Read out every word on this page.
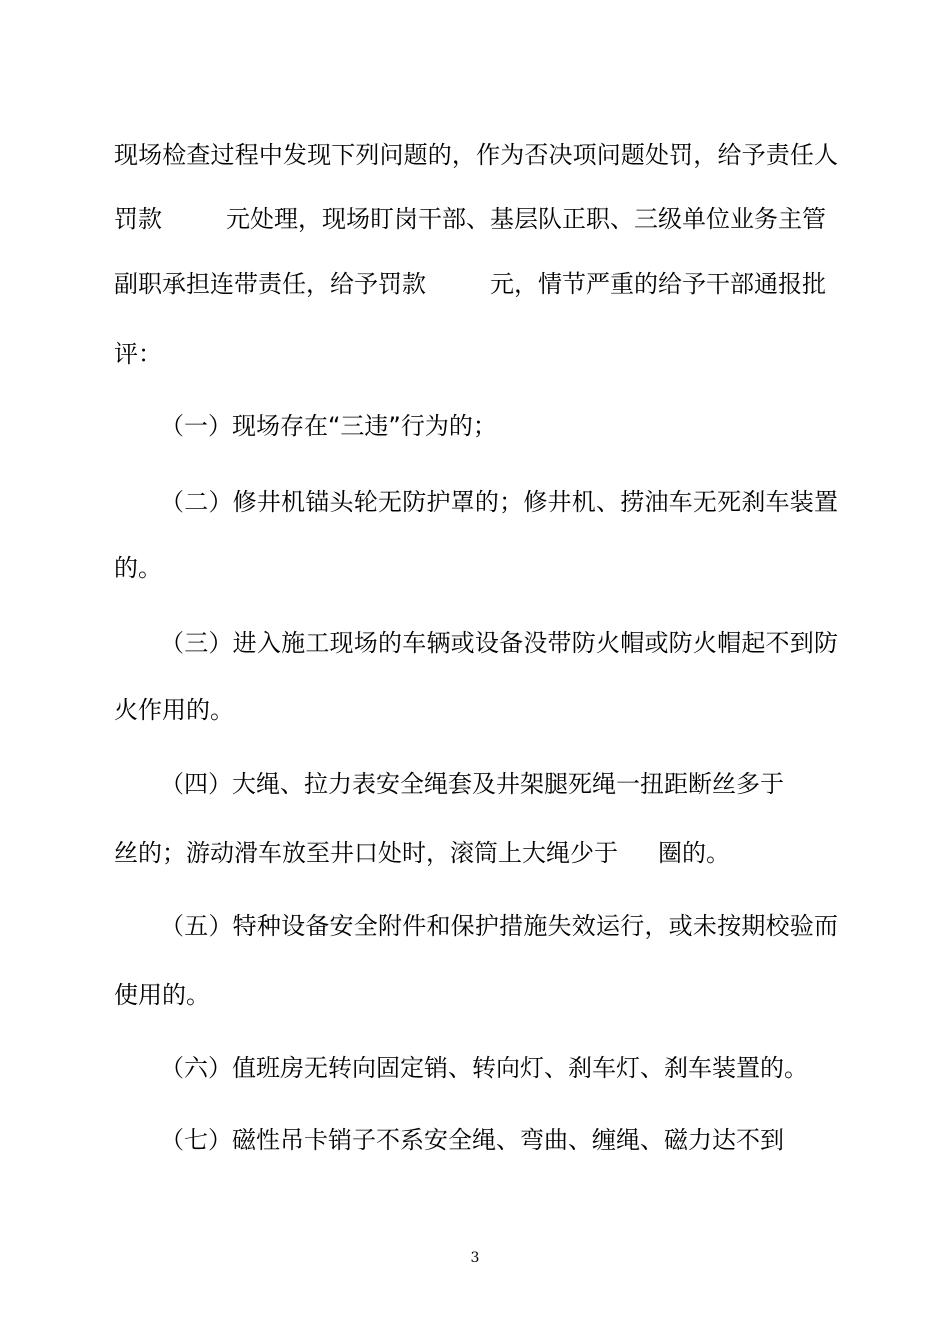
现场检查过程中发现下列问题的，作为否决项问题处罚，给予责任人
罚款	元处理，现场盯岗干部、基层队正职、三级单位业务主管
副职承担连带责任，给予罚款	元，情节严重的给予干部通报批
评：
（一）现场存在“三违”行为的；
（二）修井机锚头轮无防护罩的；修井机、捞油车无死刹车装置
的。
（三）进入施工现场的车辆或设备没带防火帽或防火帽起不到防
火作用的。
（四）大绳、拉力表安全绳套及井架腿死绳一扭距断丝多于
丝的；游动滑车放至井口处时，滚筒上大绳少于 圈的。
（五）特种设备安全附件和保护措施失效运行，或未按期校验而
使用的。
（六）值班房无转向固定销、转向灯、刹车灯、刹车装置的。
（七）磁性吊卡销子不系安全绳、弯曲、缠绳、磁力达不到
3
